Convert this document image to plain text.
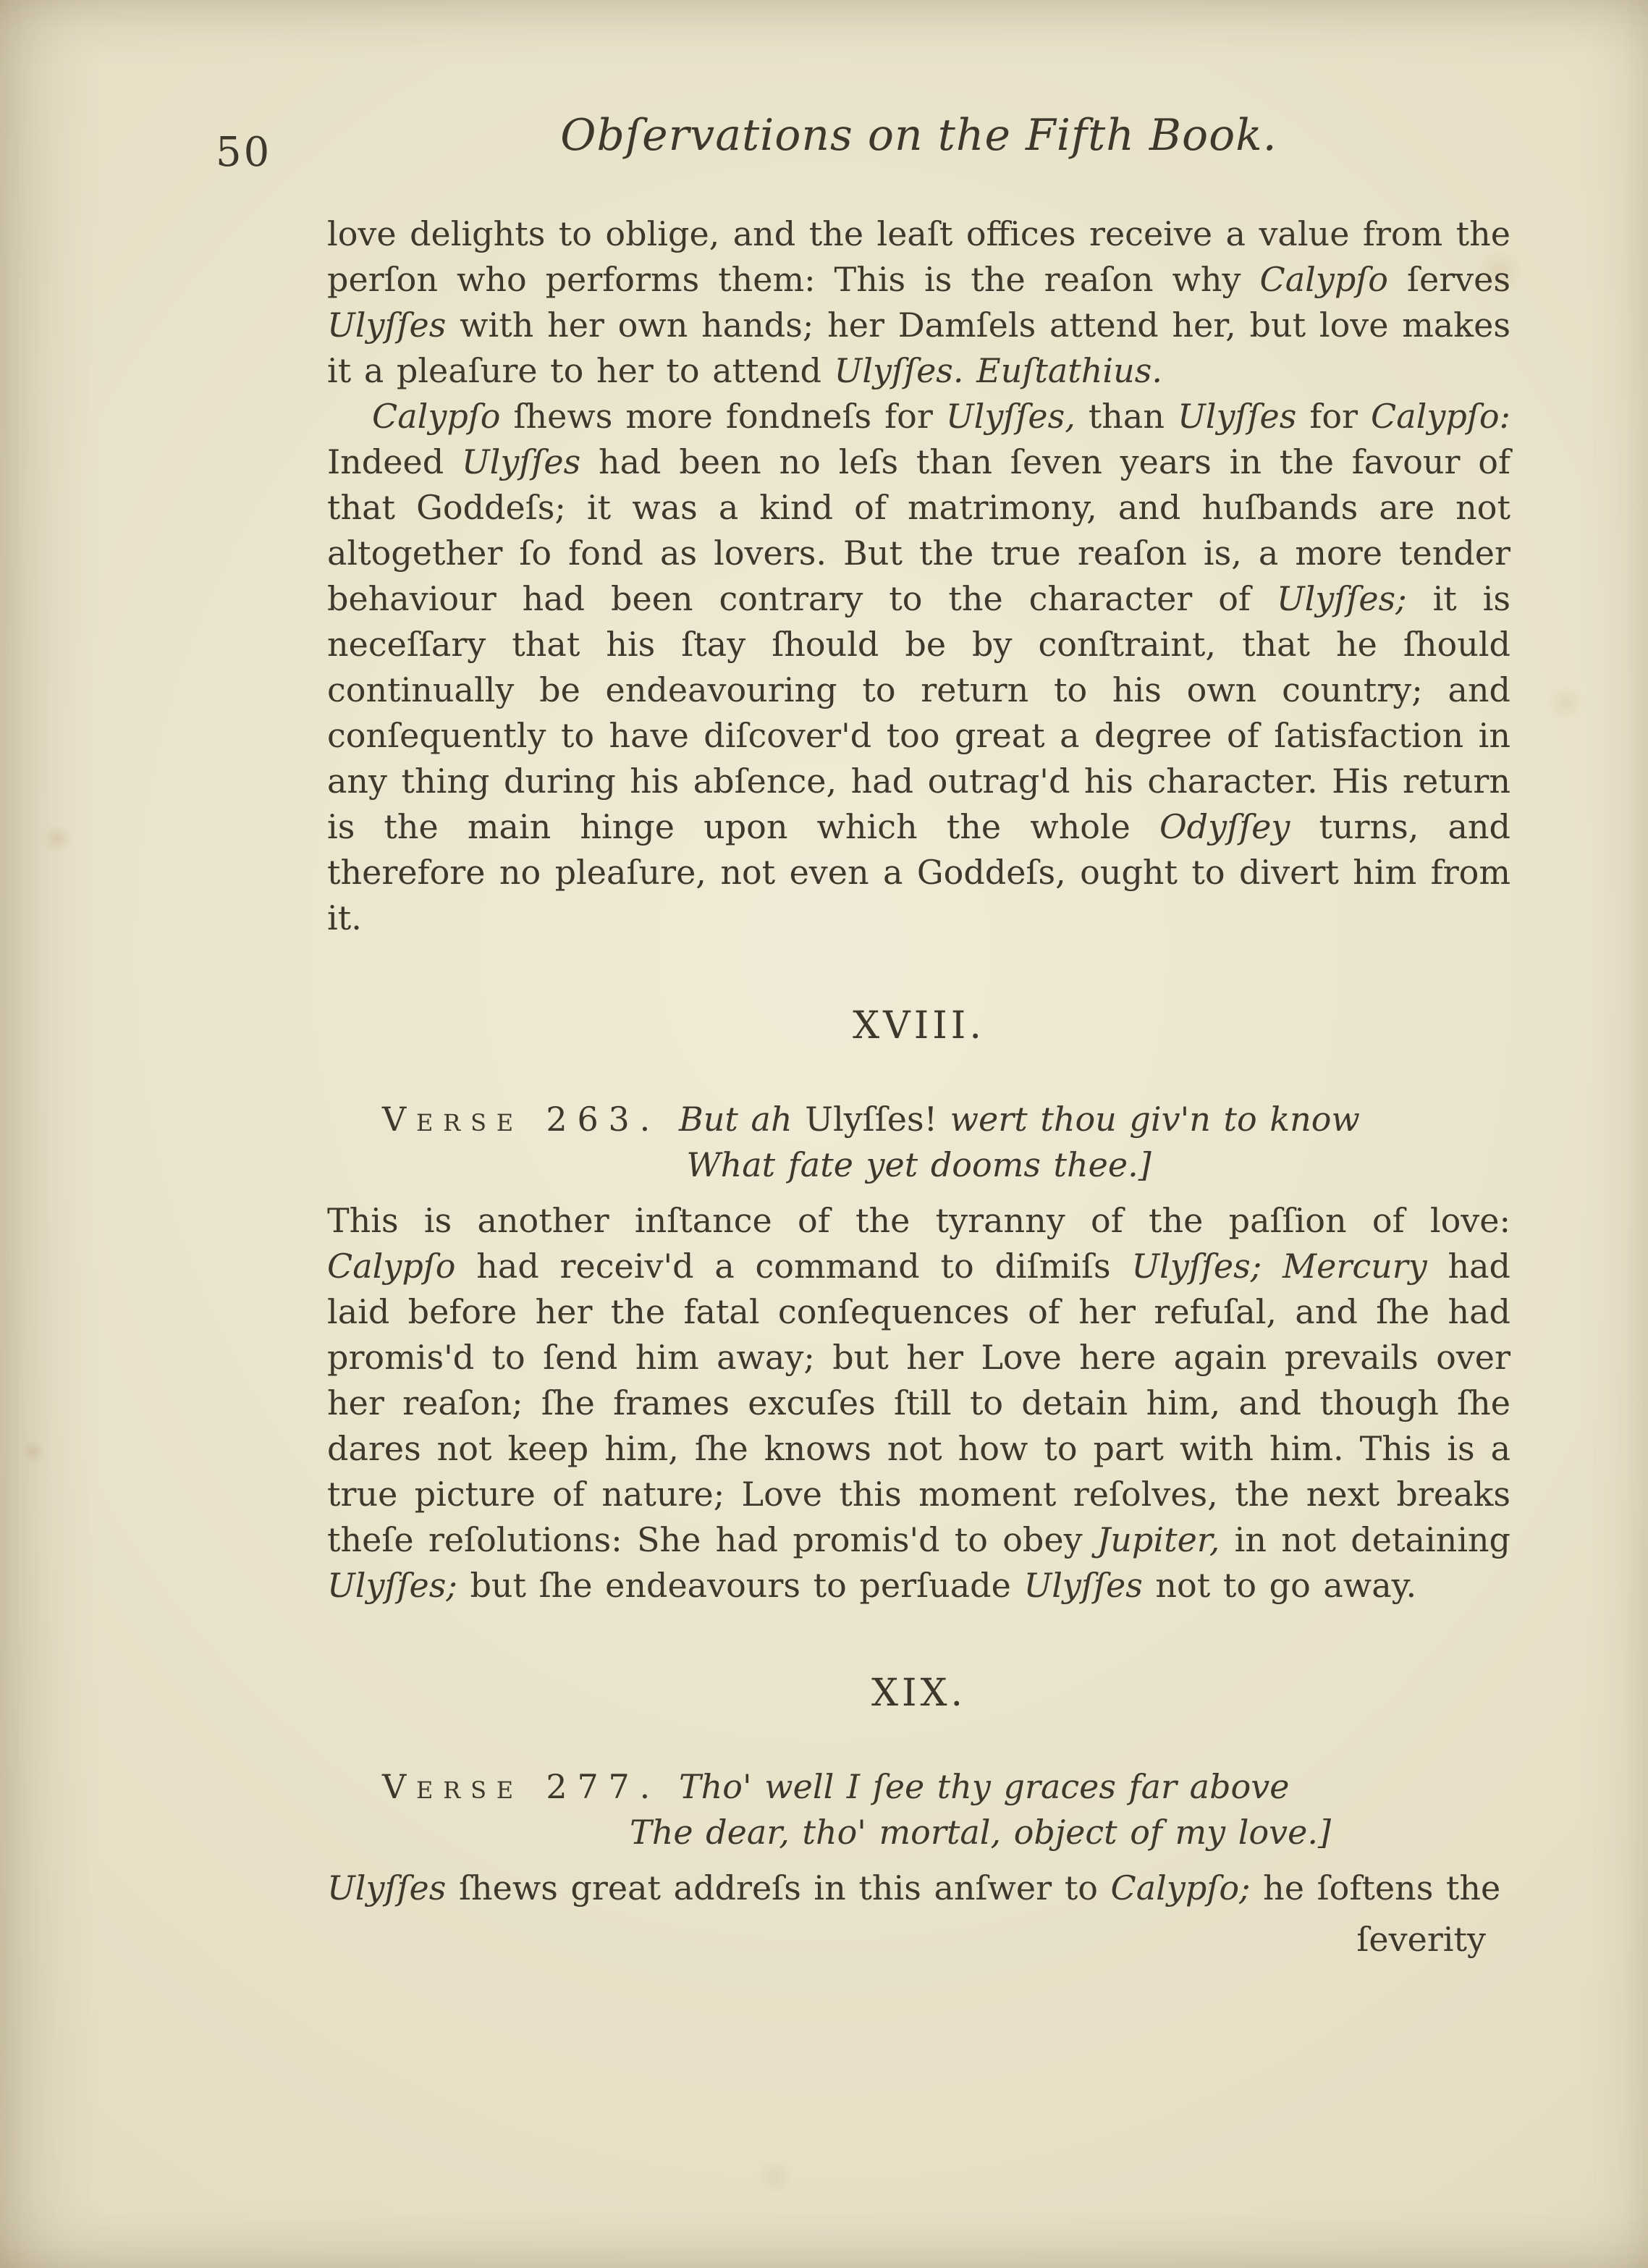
50	Obſervations on the Fifth Book.

love delights to oblige, and the leaſt offices receive a value from the perſon who performs them: This is the reaſon why Calypſo ſerves Ulyſſes with her own hands; her Damſels attend her, but love makes it a pleaſure to her to attend Ulyſſes. Euſtathius.

Calypſo ſhews more fondneſs for Ulyſſes, than Ulyſſes for Calypſo: Indeed Ulyſſes had been no leſs than ſeven years in the favour of that Goddeſs; it was a kind of matrimony, and huſbands are not altogether ſo fond as lovers. But the true reaſon is, a more tender behaviour had been contrary to the character of Ulyſſes; it is neceſſary that his ſtay ſhould be by conſtraint, that he ſhould continually be endeavouring to return to his own country; and conſequently to have diſcover'd too great a degree of ſatisfaction in any thing during his abſence, had outrag'd his character. His return is the main hinge upon which the whole Odyſſey turns, and therefore no pleaſure, not even a Goddeſs, ought to divert him from it.

XVIII.
Verse 263. But ah Ulyſſes! wert thou giv'n to know
What fate yet dooms thee.]

This is another inſtance of the tyranny of the paſſion of love: Calypſo had receiv'd a command to diſmiſs Ulyſſes; Mercury had laid before her the fatal conſequences of her refuſal, and ſhe had promis'd to ſend him away; but her Love here again prevails over her reaſon; ſhe frames excuſes ſtill to detain him, and though ſhe dares not keep him, ſhe knows not how to part with him. This is a true picture of nature; Love this moment reſolves, the next breaks theſe reſolutions: She had promis'd to obey Jupiter, in not detaining Ulyſſes; but ſhe endeavours to perſuade Ulyſſes not to go away.

XIX.
Verse 277. Tho' well I ſee thy graces far above
The dear, tho' mortal, object of my love.]

Ulyſſes ſhews great addreſs in this anſwer to Calypſo; he ſoftens the

ſeverity
